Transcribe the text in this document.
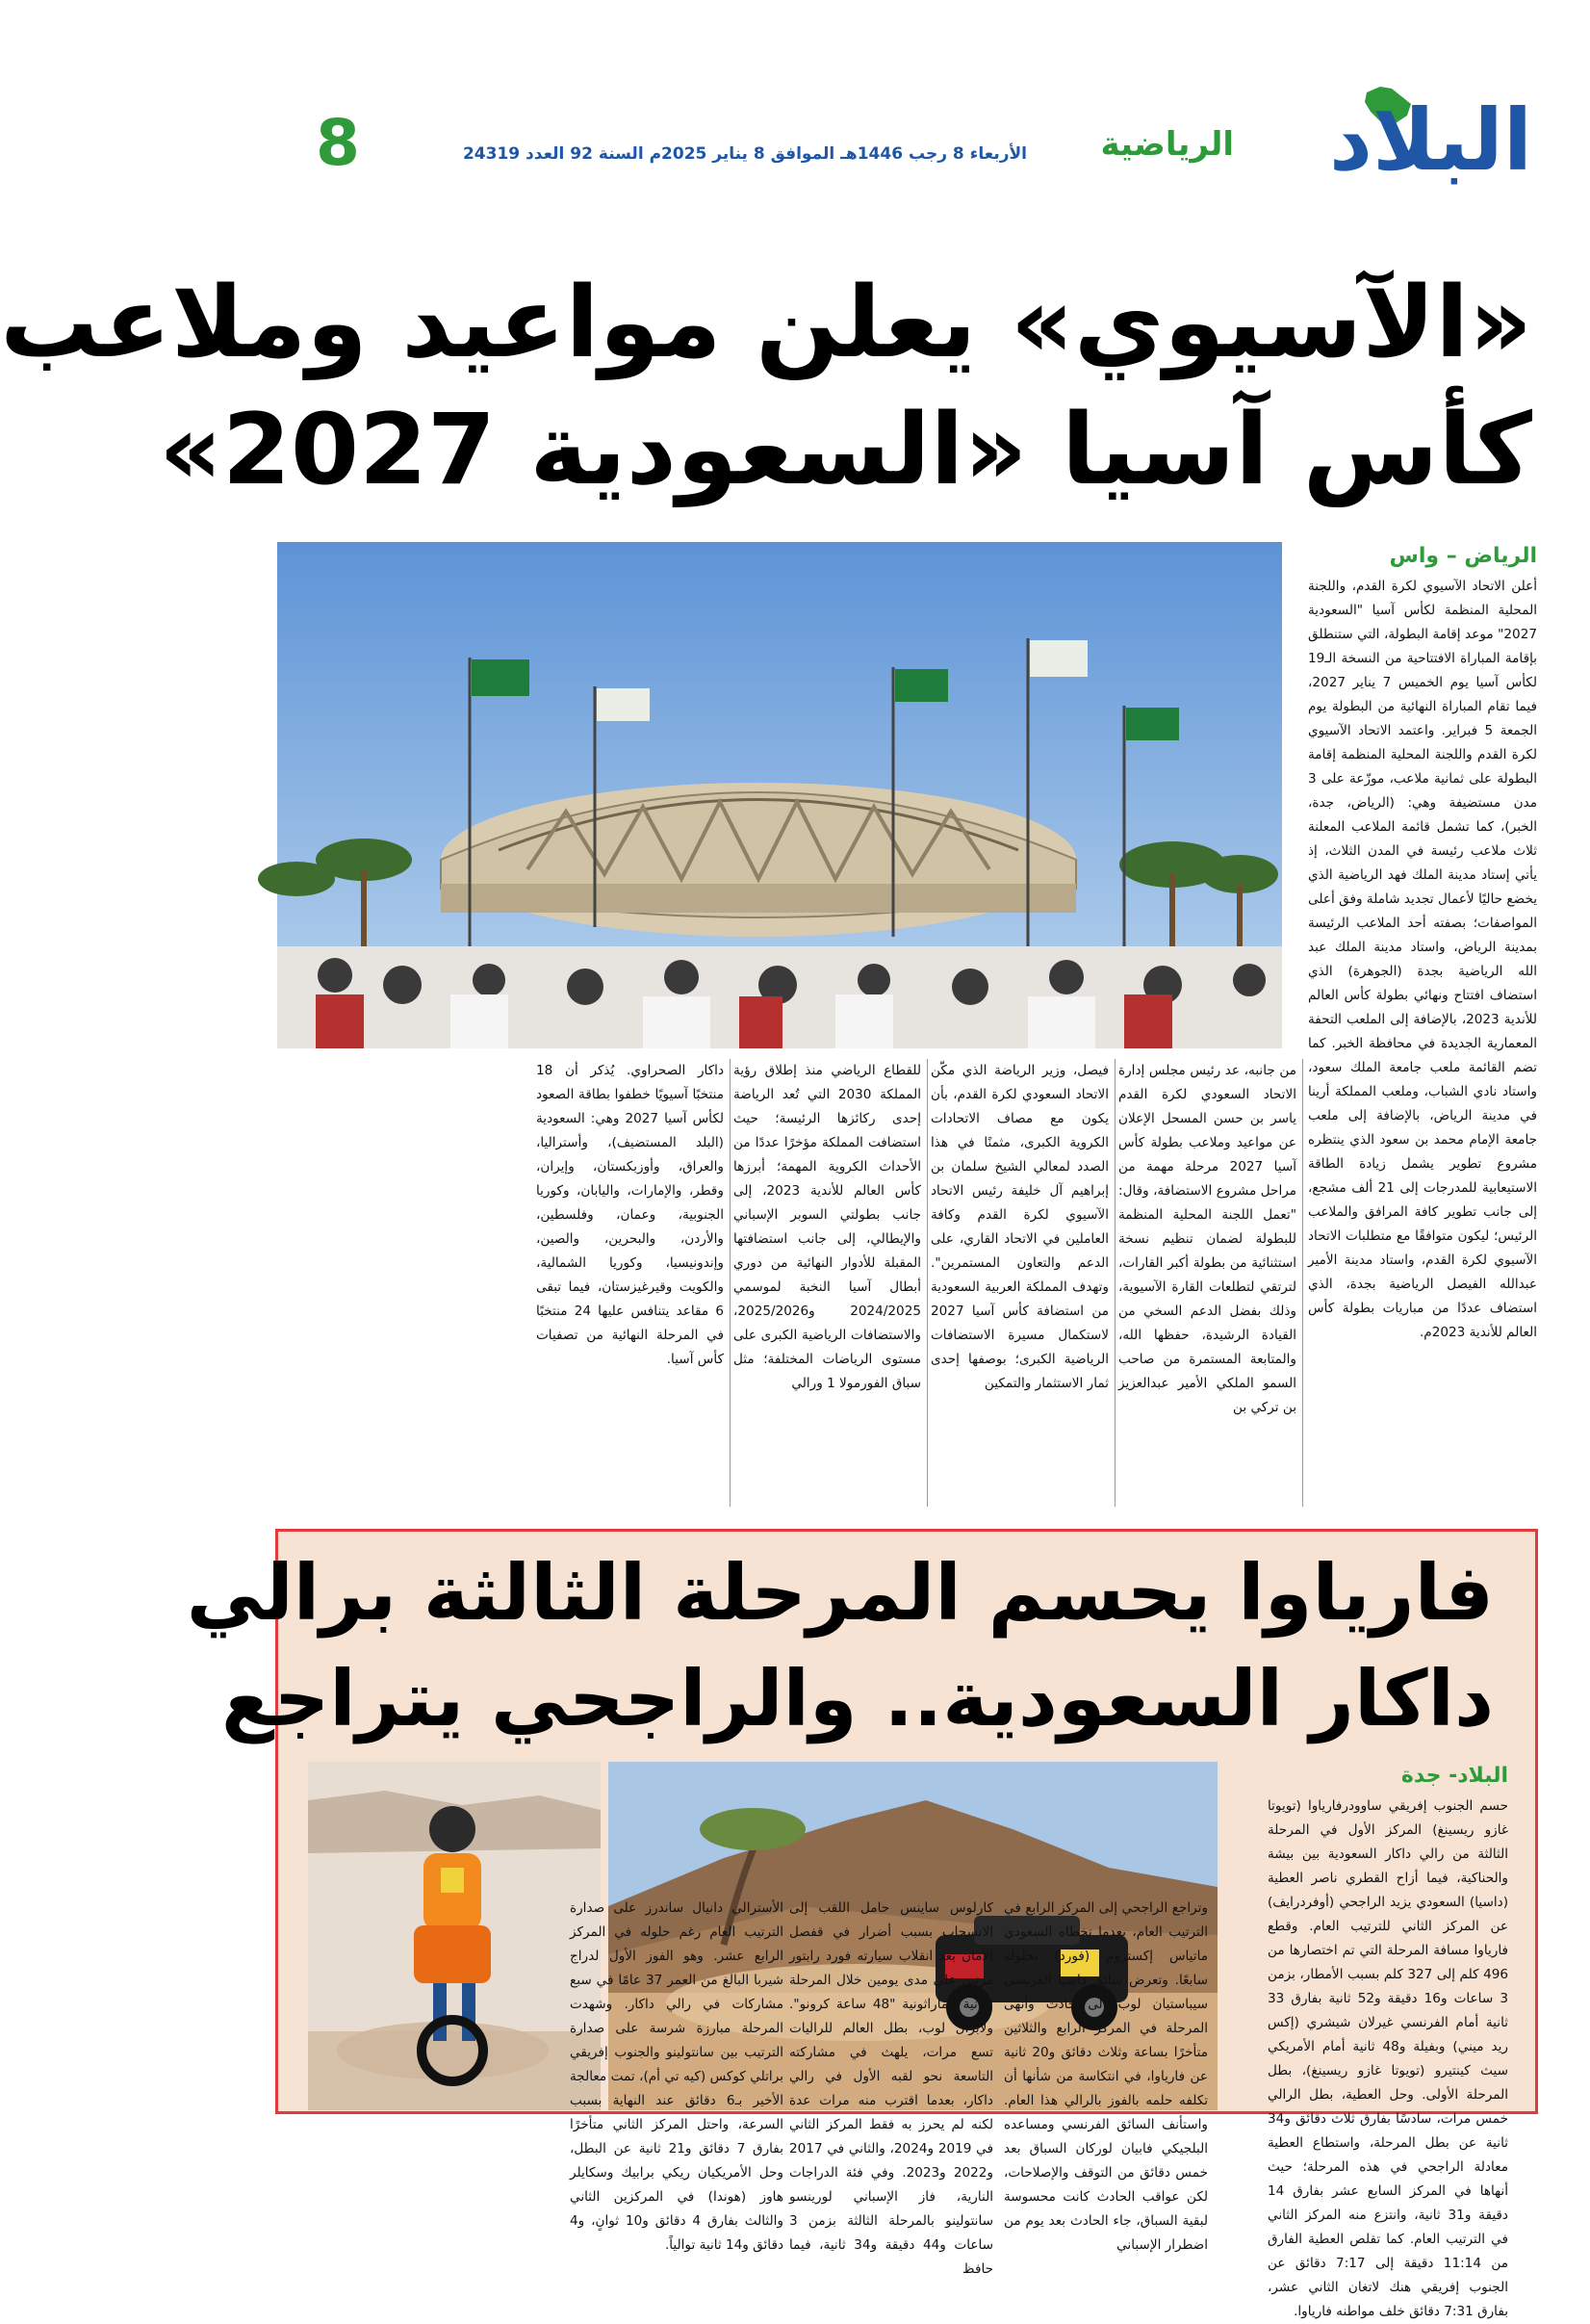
البلاد
الرياضية
الأربعاء 8 رجب 1446هـ الموافق 8 يناير 2025م السنة 92 العدد 24319
8
«الآسيوي» يعلن مواعيد وملاعب
كأس آسيا «السعودية 2027»
الرياض – واس
أعلن الاتحاد الآسيوي لكرة القدم، واللجنة المحلية المنظمة لكأس آسيا "السعودية 2027" موعد إقامة البطولة، التي ستنطلق بإقامة المباراة الافتتاحية من النسخة الـ19 لكأس آسيا يوم الخميس 7 يناير 2027، فيما تقام المباراة النهائية من البطولة يوم الجمعة 5 فبراير. واعتمد الاتحاد الآسيوي لكرة القدم واللجنة المحلية المنظمة إقامة البطولة على ثمانية ملاعب، موزّعة على 3 مدن مستضيفة وهي: (الرياض، جدة، الخبر)، كما تشمل قائمة الملاعب المعلنة ثلاث ملاعب رئيسة في المدن الثلاث، إذ يأتي إستاد مدينة الملك فهد الرياضية الذي يخضع حاليًا لأعمال تجديد شاملة وفق أعلى المواصفات؛ بصفته أحد الملاعب الرئيسة بمدينة الرياض، واستاد مدينة الملك عبد الله الرياضية بجدة (الجوهرة) الذي استضاف افتتاح ونهائي بطولة كأس العالم للأندية 2023، بالإضافة إلى الملعب التحفة المعمارية الجديدة في محافظة الخبر. كما تضم القائمة ملعب جامعة الملك سعود، واستاد نادي الشباب، وملعب المملكة أرينا في مدينة الرياض، بالإضافة إلى ملعب جامعة الإمام محمد بن سعود الذي ينتظره مشروع تطوير يشمل زيادة الطاقة الاستيعابية للمدرجات إلى 21 ألف مشجع، إلى جانب تطوير كافة المرافق والملاعب الرئيس؛ ليكون متوافقًا مع متطلبات الاتحاد الآسيوي لكرة القدم، واستاد مدينة الأمير عبدالله الفيصل الرياضية بجدة، الذي استضاف عددًا من مباريات بطولة كأس العالم للأندية 2023م.
من جانبه، عد رئيس مجلس إدارة الاتحاد السعودي لكرة القدم ياسر بن حسن المسحل الإعلان عن مواعيد وملاعب بطولة كأس آسيا 2027 مرحلة مهمة من مراحل مشروع الاستضافة، وقال: "تعمل اللجنة المحلية المنظمة للبطولة لضمان تنظيم نسخة استثنائية من بطولة أكبر القارات، لترتقي لتطلعات القارة الآسيوية، وذلك بفضل الدعم السخي من القيادة الرشيدة، حفظها الله، والمتابعة المستمرة من صاحب السمو الملكي الأمير عبدالعزيز بن تركي بن
فيصل، وزير الرياضة الذي مكّن الاتحاد السعودي لكرة القدم، بأن يكون مع مصاف الاتحادات الكروية الكبرى، مثمنًا في هذا الصدد لمعالي الشيخ سلمان بن إبراهيم آل خليفة رئيس الاتحاد الآسيوي لكرة القدم وكافة العاملين في الاتحاد القاري، على الدعم والتعاون المستمرين". وتهدف المملكة العربية السعودية من استضافة كأس آسيا 2027 لاستكمال مسيرة الاستضافات الرياضية الكبرى؛ بوصفها إحدى ثمار الاستثمار والتمكين
للقطاع الرياضي منذ إطلاق رؤية المملكة 2030 التي تُعد الرياضة إحدى ركائزها الرئيسة؛ حيث استضافت المملكة مؤخرًا عددًا من الأحداث الكروية المهمة؛ أبرزها كأس العالم للأندية 2023، إلى جانب بطولتي السوبر الإسباني والإيطالي، إلى جانب استضافتها المقبلة للأدوار النهائية من دوري أبطال آسيا النخبة لموسمي 2024/2025 و2025/2026، والاستضافات الرياضية الكبرى على مستوى الرياضات المختلفة؛ مثل سباق الفورمولا 1 ورالي
داكار الصحراوي. يُذكر أن 18 منتخبًا آسيويًا خطفوا بطاقة الصعود لكأس آسيا 2027 وهي: السعودية (البلد المستضيف)، وأستراليا، والعراق، وأوزبكستان، وإيران، وقطر، والإمارات، واليابان، وكوريا الجنوبية، وعمان، وفلسطين، والأردن، والبحرين، والصين، وإندونيسيا، وكوريا الشمالية، والكويت وقيرغيزستان، فيما تبقى 6 مقاعد يتنافس عليها 24 منتخبًا في المرحلة النهائية من تصفيات كأس آسيا.
فارياوا يحسم المرحلة الثالثة برالي
داكار السعودية.. والراجحي يتراجع
البلاد- جدة
حسم الجنوب إفريقي ساوودرفارياوا (تويوتا غازو ريسينغ) المركز الأول في المرحلة الثالثة من رالي داكار السعودية بين بيشة والحناكية، فيما أزاح القطري ناصر العطية (داسيا) السعودي يزيد الراجحي (أوفردرايف) عن المركز الثاني للترتيب العام. وقطع فارياوا مسافة المرحلة التي تم اختصارها من 496 كلم إلى 327 كلم بسبب الأمطار، بزمن 3 ساعات و16 دقيقة و52 ثانية بفارق 33 ثانية أمام الفرنسي غيرلان شيشري (إكس ريد ميني) وبفيلة و48 ثانية أمام الأمريكي سيث كينتيرو (تويوتا غازو ريسينغ)، بطل المرحلة الأولى. وحل العطية، بطل الرالي خمس مرات، سادسًا بفارق ثلاث دقائق و34 ثانية عن بطل المرحلة، واستطاع العطية معادلة الراجحي في هذه المرحلة؛ حيث أنهاها في المركز السابع عشر بفارق 14 دقيقة و31 ثانية، وانتزع منه المركز الثاني في الترتيب العام. كما تقلص العطية الفارق من 11:14 دقيقة إلى 7:17 دقائق عن الجنوب إفريقي هنك لاتغان الثاني عشر، بفارق 7:31 دقائق خلف مواطنه فارياوا.
وتراجع الراجحي إلى المركز الرابع في الترتيب العام، بعدما تخطاه السعودي ماتياس إكستروم (فورد) بحلوله سابعًا. وتعرض سائق داسيا الفرنسي سيباستيان لوب إلى حادث وأنهى المرحلة في المركز الرابع والثلاثين متأخرًا بساعة وثلاث دقائق و20 ثانية عن فارياوا، في انتكاسة من شأنها أن تكلفه حلمه بالفوز بالرالي هذا العام. واستأنف السائق الفرنسي ومساعده البلجيكي فابيان لوركان السباق بعد خمس دقائق من التوقف والإصلاحات، لكن عواقب الحادث كانت محسوسة لبقية السباق، جاء الحادث بعد يوم من اضطرار الإسباني
كارلوس ساينس حامل اللقب إلى الانسحاب بسبب أضرار في قفصل الأمان بعد انقلاب سيارته فورد رابتور مرتين على مدى يومين خلال المرحلة الثانية الماراثونية "48 ساعة كرونو". ولابزال لوب، بطل العالم للراليات تسع مرات، يلهث في مشاركته التاسعة نحو لقبه الأول في رالي داكار، بعدما اقترب منه مرات عدة لكنه لم يحرز به فقط المركز الثاني في 2019 و2024، والثاني في 2017 و2022 و2023. وفي فئة الدراجات النارية، فاز الإسباني لورينسو سانتولينو بالمرحلة الثالثة بزمن 3 ساعات و44 دقيقة و34 ثانية، فيما حافظ
الأسترالي دانيال ساندرز على صدارة الترتيب العام رغم حلوله في المركز الرابع عشر. وهو الفوز الأول لدراج شيربا البالغ من العمر 37 عامًا في سبع مشاركات في رالي داكار. وشهدت المرحلة مبارزة شرسة على صدارة الترتيب بين سانتولينو والجنوب إفريقي براتلي كوكس (كيه تي أم)، تمت معالجة الأخير بـ6 دقائق عند النهاية بسبب السرعة، واحتل المركز الثاني متأخرًا بفارق 7 دقائق و21 ثانية عن البطل، وحل الأمريكيان ريكي برابيك وسكايلر هاوز (هوندا) في المركزين الثاني والثالث بفارق 4 دقائق و10 ثوانٍ، و4 دقائق و14 ثانية توالياً.
